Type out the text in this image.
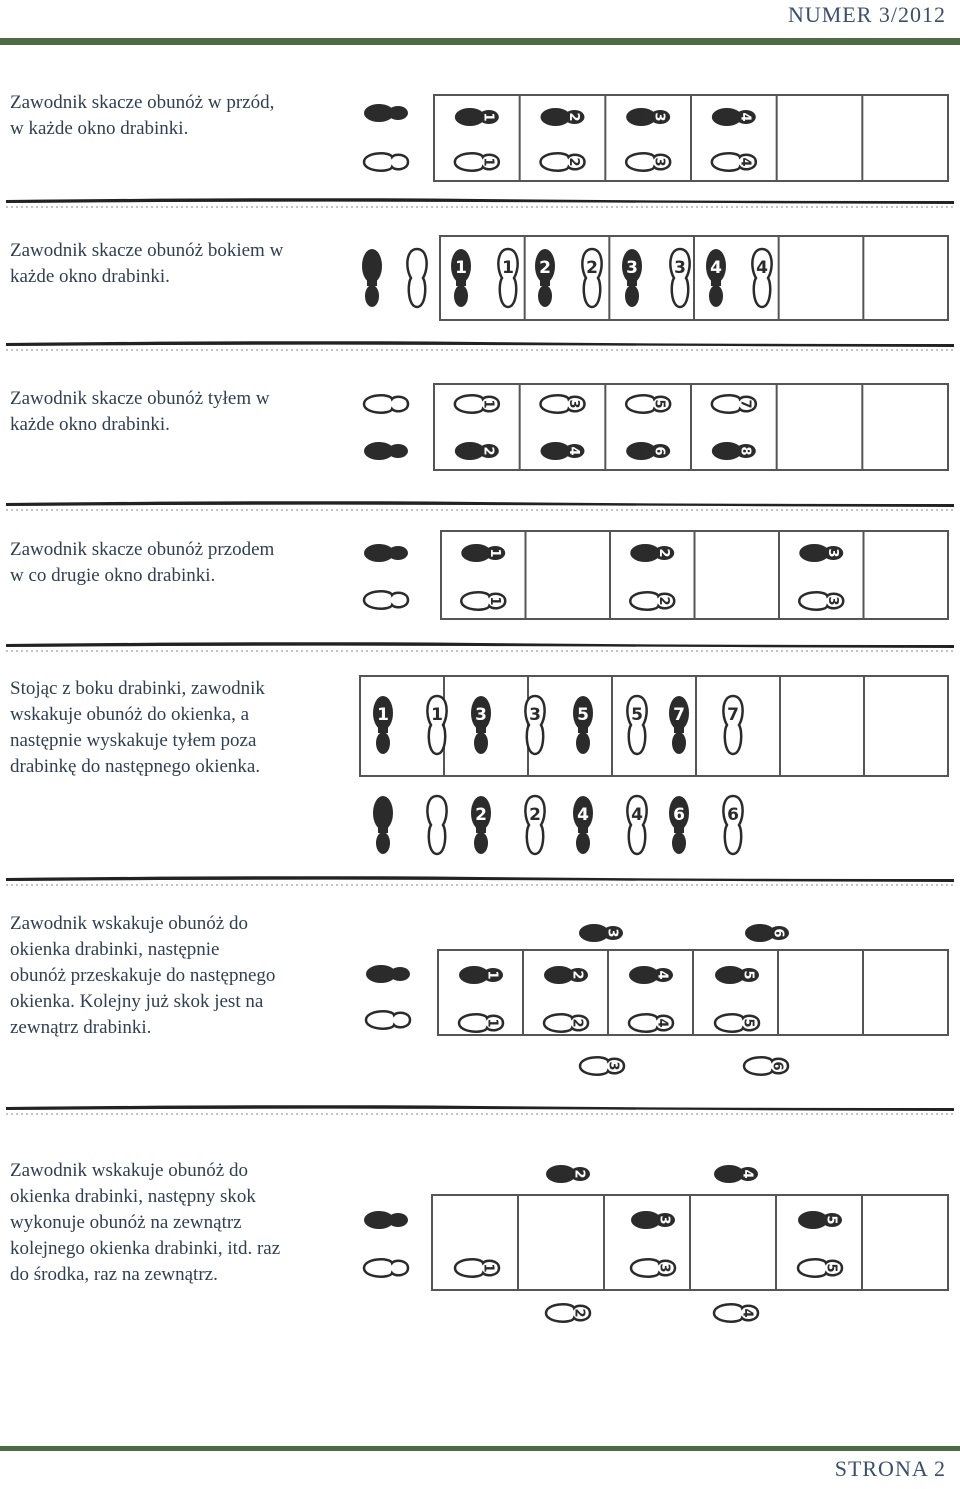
NUMER 3/2012
Zawodnik skacze obunóż w przód,
w każde okno drabinki.
Zawodnik skacze obunóż bokiem w
każde okno drabinki.
Zawodnik skacze obunóż tyłem w
każde okno drabinki.
Zawodnik skacze obunóż przodem
w co drugie okno drabinki.
Stojąc z boku drabinki, zawodnik
wskakuje obunóż do okienka, a
następnie wyskakuje tyłem poza
drabinkę do następnego okienka.
Zawodnik wskakuje obunóż do
okienka drabinki, następnie
obunóż przeskakuje do następnego
okienka. Kolejny już skok jest na
zewnątrz drabinki.
Zawodnik wskakuje obunóż do
okienka drabinki, następny skok
wykonuje obunóż na zewnątrz
kolejnego okienka drabinki, itd. raz
do środka, raz na zewnątrz.
1	2	3	4
1	2	3	4
1 1 2 2 3 3 4 4
1	3	5	7
2	4	6	8
1
1
2
2
3
3
1 1 3 3 5 5 7 7
2 2 4 4 6 6
3	6
1	2	4	5
1	2	4	5
3	6
2	4
3	5
1	3	5
2	4
STRONA 2
